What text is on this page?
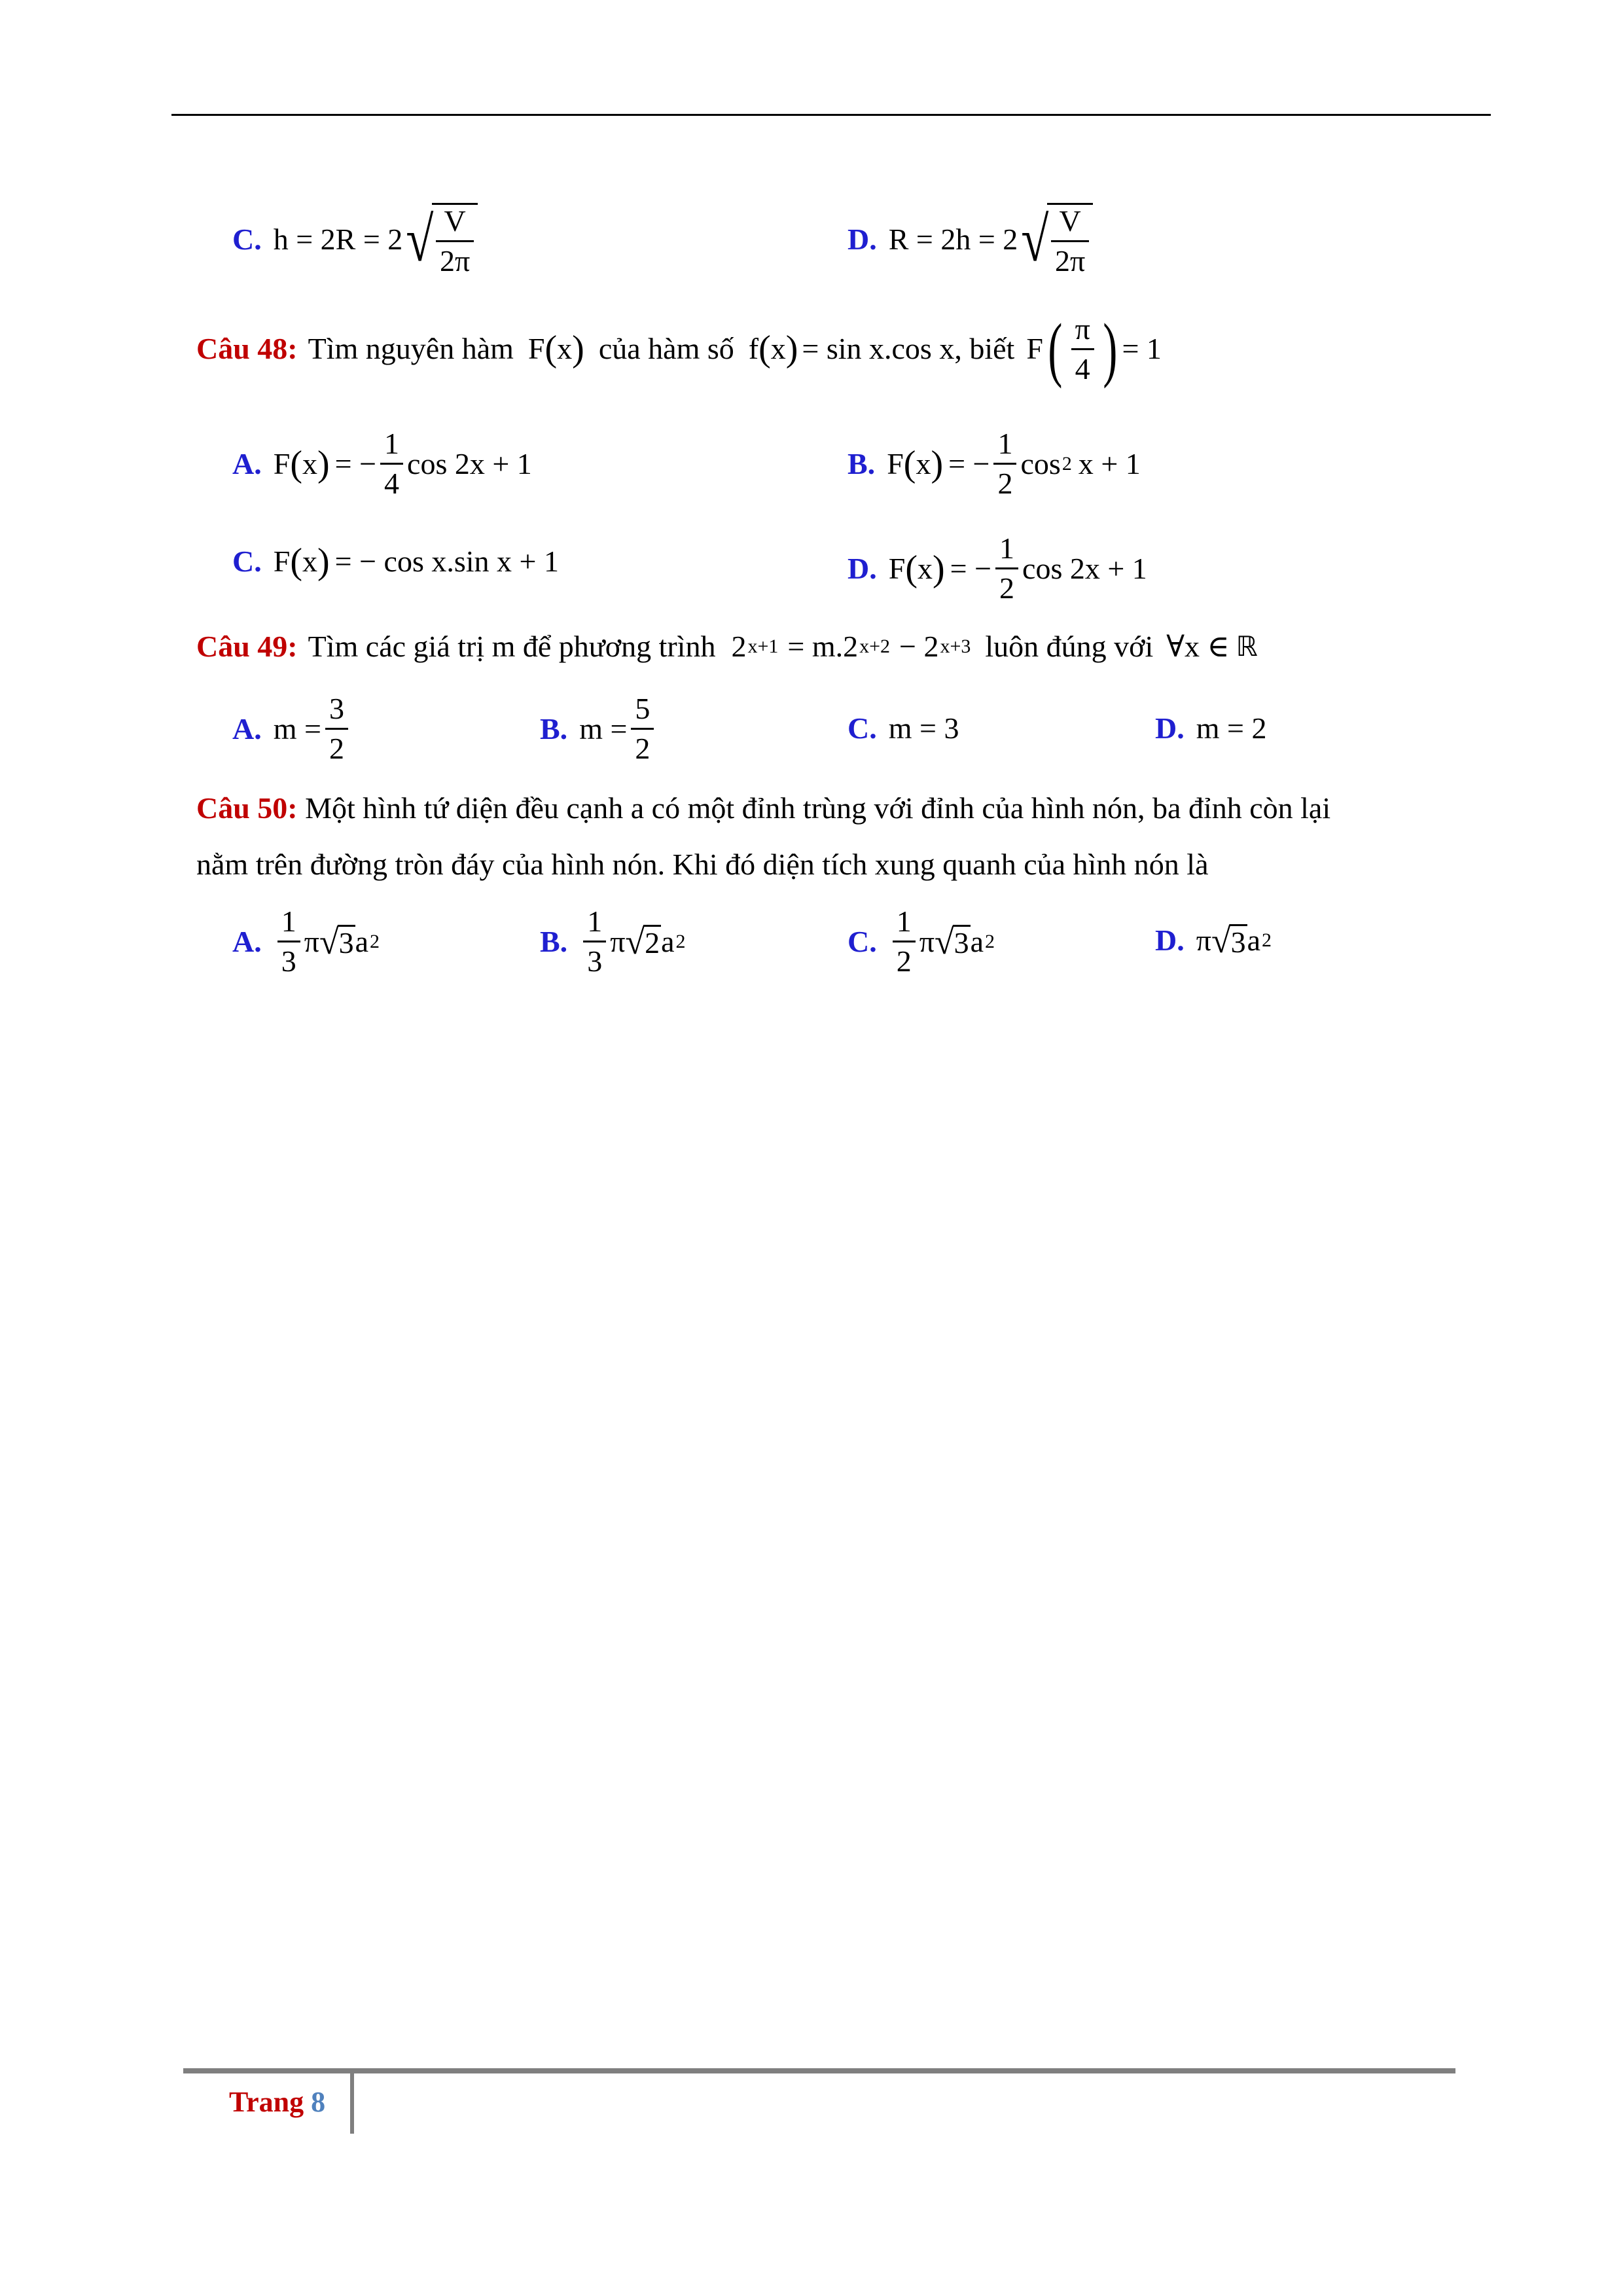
C. h = 2R = 2 √ $\frac{V}{2\pi}$	D. R = 2h = 2 √ $\frac{V}{2\pi}$
Câu 48: Tìm nguyên hàm F ( x ) của hàm số f ( x ) = sin x.cos x , biết F ( $\frac{\pi}{4}$ ) = 1
A. F ( x ) = − $\frac{1}{4}$ cos 2x + 1	B. F ( x ) = − $\frac{1}{2}$ cos 2 x + 1
C. F ( x ) = − cos x.sin x + 1	D. F ( x ) = − $\frac{1}{2}$ cos 2x + 1
Câu 49: Tìm các giá trị m để phương trình 2 x+1 = m.2 x+2 − 2 x+3 luôn đúng với ∀x ∈ ℝ
A. $m = \frac{3}{2}$	B. $m = \frac{5}{2}$	C. m = 3	D. m = 2
Câu 50: Một hình tứ diện đều cạnh a có một đỉnh trùng với đỉnh của hình nón, ba đỉnh còn lại
nằm trên đường tròn đáy của hình nón. Khi đó diện tích xung quanh của hình nón là
A. $\frac{1}{3}$ π √ 3 a 2	B. $\frac{1}{3}$ π √ 2 a 2	C. $\frac{1}{2}$ π √ 3 a 2	D. π √ 3 a 2
Trang 8
